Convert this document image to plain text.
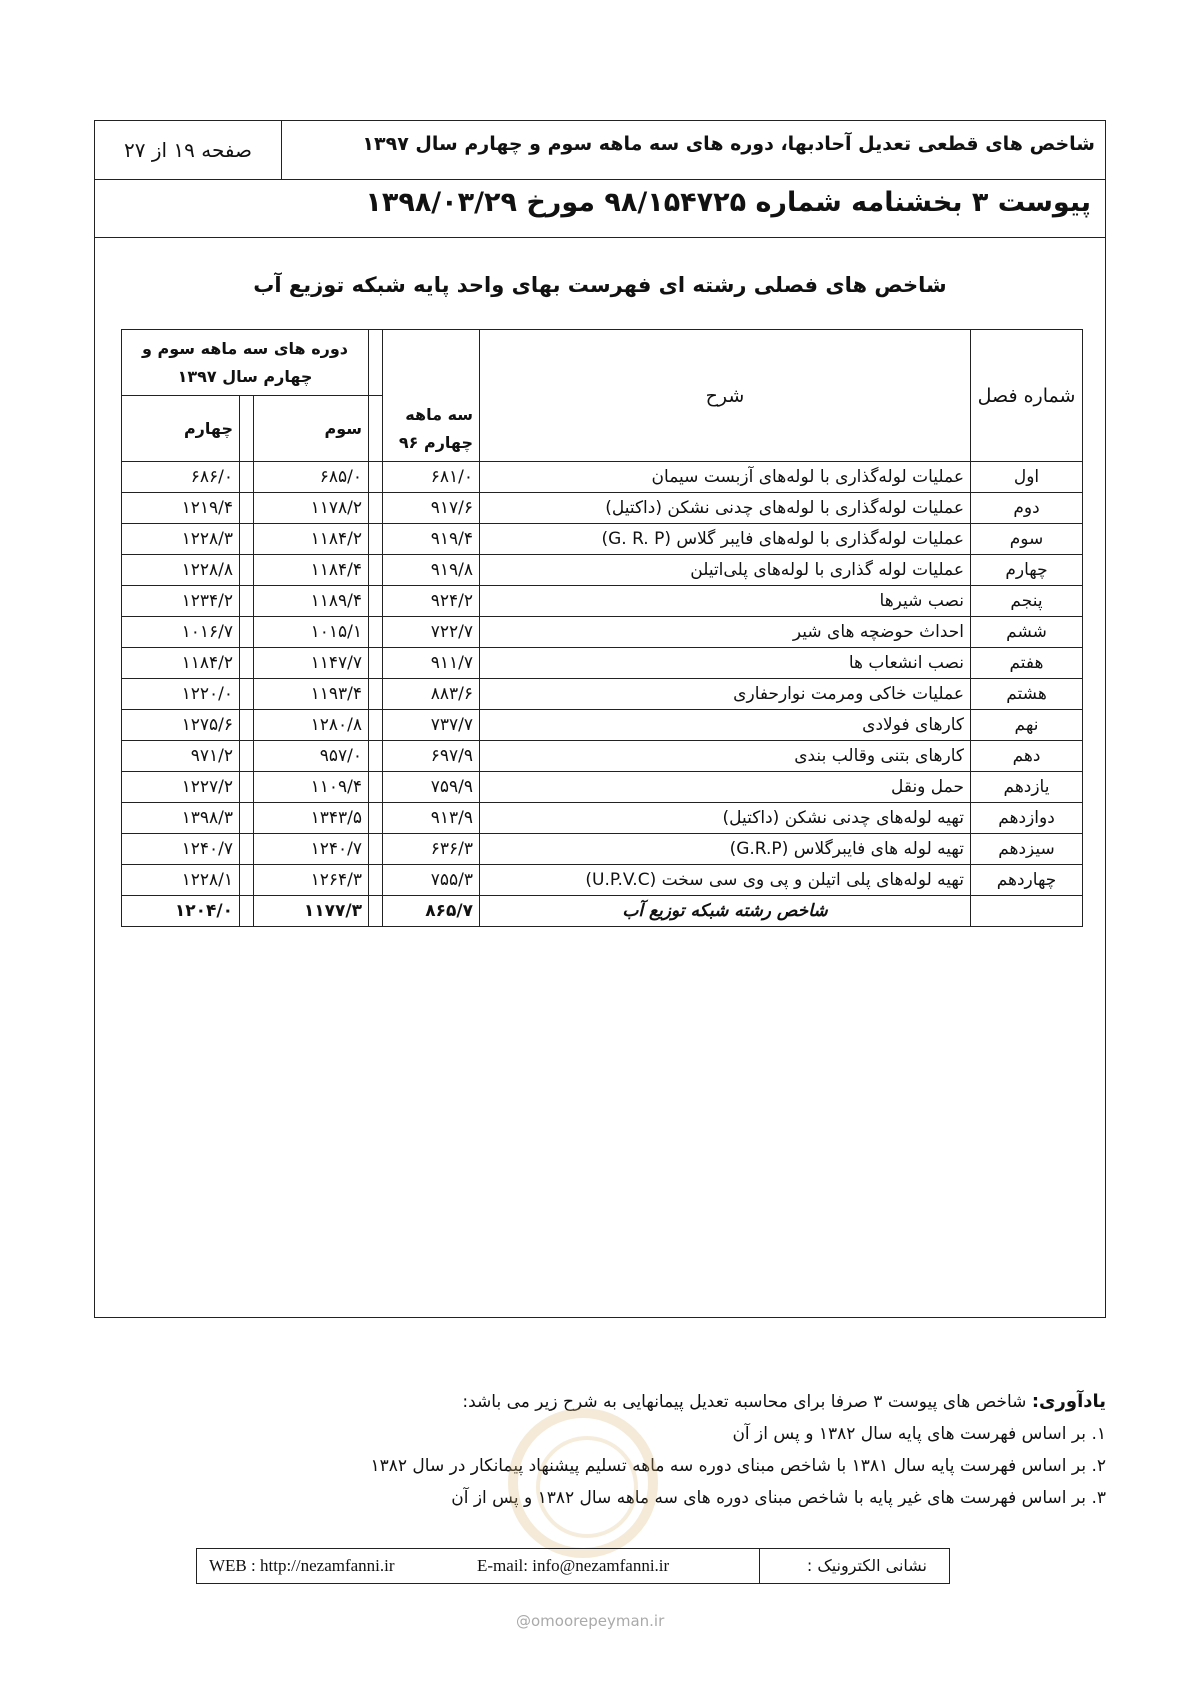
شاخص های قطعی تعدیل آحادبها، دوره های سه ماهه سوم و چهارم سال ۱۳۹۷
صفحه ۱۹ از ۲۷
پیوست ۳ بخشنامه شماره ۹۸/۱۵۴۷۲۵ مورخ ۱۳۹۸/۰۳/۲۹
شاخص های فصلی رشته ای فهرست بهای واحد پایه شبکه توزیع آب
شماره فصل	شرح	سه ماهه چهارم ۹۶		دوره های سه ماهه سوم و چهارم سال ۱۳۹۷		
				سوم		چهارم
اول	عملیات لوله‌گذاری با لوله‌های آزبست سیمان	۶۸۱/۰		۶۸۵/۰		۶۸۶/۰
دوم	عملیات لوله‌گذاری با لوله‌های چدنی نشکن (داکتیل)	۹۱۷/۶		۱۱۷۸/۲		۱۲۱۹/۴
سوم	عملیات لوله‌گذاری با لوله‌های فایبر گلاس (G. R. P)	۹۱۹/۴		۱۱۸۴/۲		۱۲۲۸/۳
چهارم	عملیات لوله گذاری با لوله‌های پلی‌اتیلن	۹۱۹/۸		۱۱۸۴/۴		۱۲۲۸/۸
پنجم	نصب شیرها	۹۲۴/۲		۱۱۸۹/۴		۱۲۳۴/۲
ششم	احداث حوضچه های شیر	۷۲۲/۷		۱۰۱۵/۱		۱۰۱۶/۷
هفتم	نصب انشعاب ها	۹۱۱/۷		۱۱۴۷/۷		۱۱۸۴/۲
هشتم	عملیات خاکی ومرمت نوارحفاری	۸۸۳/۶		۱۱۹۳/۴		۱۲۲۰/۰
نهم	کارهای فولادی	۷۳۷/۷		۱۲۸۰/۸		۱۲۷۵/۶
دهم	کارهای بتنی وقالب بندی	۶۹۷/۹		۹۵۷/۰		۹۷۱/۲
یازدهم	حمل ونقل	۷۵۹/۹		۱۱۰۹/۴		۱۲۲۷/۲
دوازدهم	تهیه لوله‌های چدنی نشکن (داکتیل)	۹۱۳/۹		۱۳۴۳/۵		۱۳۹۸/۳
سیزدهم	تهیه لوله های فایبرگلاس (G.R.P)	۶۳۶/۳		۱۲۴۰/۷		۱۲۴۰/۷
چهاردهم	تهیه لوله‌های پلی اتیلن و پی وی سی سخت (U.P.V.C)	۷۵۵/۳		۱۲۶۴/۳		۱۲۲۸/۱
	شاخص رشته شبکه توزیع آب	۸۶۵/۷		۱۱۷۷/۳		۱۲۰۴/۰
یادآوری: شاخص های پیوست ۳ صرفا برای محاسبه تعدیل پیمانهایی به شرح زیر می باشد:
۱. بر اساس فهرست های پایه سال ۱۳۸۲ و پس از آن
۲. بر اساس فهرست پایه سال ۱۳۸۱ با شاخص مبنای دوره سه ماهه تسلیم پیشنهاد پیمانکار در سال ۱۳۸۲
۳. بر اساس فهرست های غیر پایه با شاخص مبنای دوره های سه ماهه سال ۱۳۸۲ و پس از آن
نشانی الکترونیک :
E-mail: info@nezamfanni.ir
WEB : http://nezamfanni.ir
@omoorepeyman.ir
